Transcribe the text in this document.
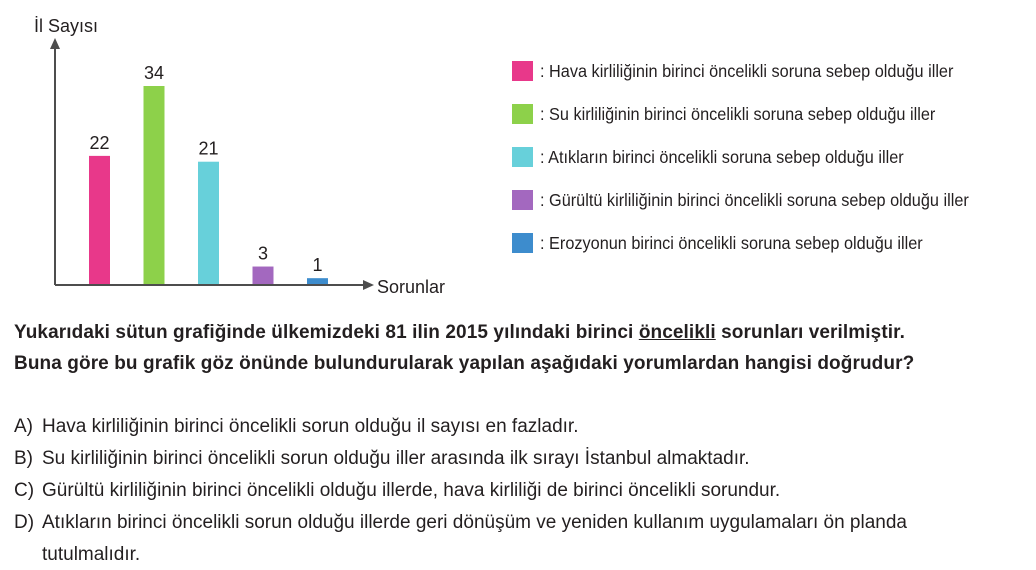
İl Sayısı
Sorunlar
22
34
21
3
1
: Hava kirliliğinin birinci öncelikli soruna sebep olduğu iller
: Su kirliliğinin birinci öncelikli soruna sebep olduğu iller
: Atıkların birinci öncelikli soruna sebep olduğu iller
: Gürültü kirliliğinin birinci öncelikli soruna sebep olduğu iller
: Erozyonun birinci öncelikli soruna sebep olduğu iller
Yukarıdaki sütun grafiğinde ülkemizdeki 81 ilin 2015 yılındaki birinci öncelikli sorunları verilmiştir.
Buna göre bu grafik göz önünde bulundurularak yapılan aşağıdaki yorumlardan hangisi doğrudur?
A) Hava kirliliğinin birinci öncelikli sorun olduğu il sayısı en fazladır.
B) Su kirliliğinin birinci öncelikli sorun olduğu iller arasında ilk sırayı İstanbul almaktadır.
C) Gürültü kirliliğinin birinci öncelikli olduğu illerde, hava kirliliği de birinci öncelikli sorundur.
D) Atıkların birinci öncelikli sorun olduğu illerde geri dönüşüm ve yeniden kullanım uygulamaları ön planda
tutulmalıdır.
